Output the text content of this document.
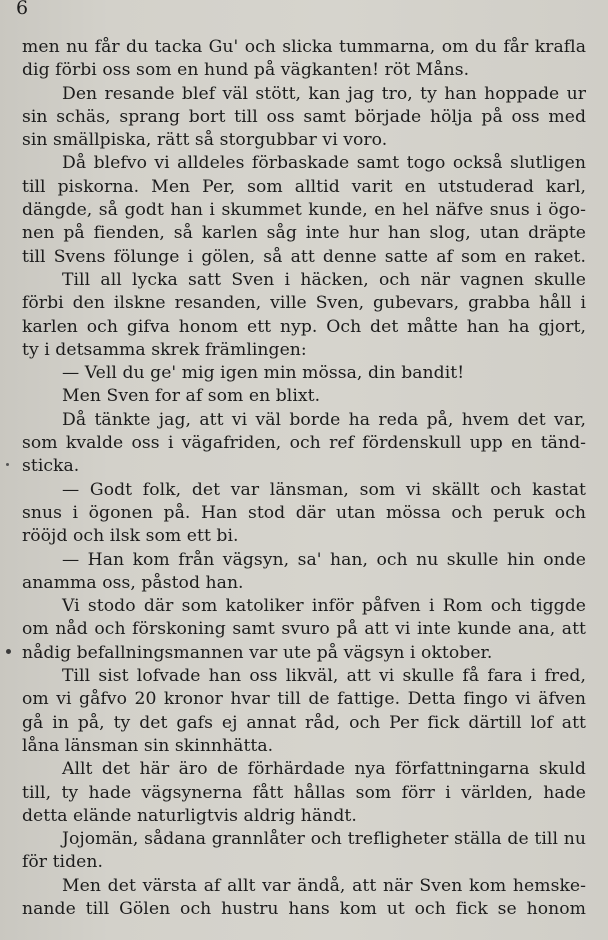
6
men nu får du tacka Gu' och slicka tummarna, om du får krafla
dig förbi oss som en hund på vägkanten! röt Måns.
Den resande blef väl stött, kan jag tro, ty han hoppade ur
sin schäs, sprang bort till oss samt började hölja på oss med
sin smällpiska, rätt så storgubbar vi voro.
Då blefvo vi alldeles förbaskade samt togo också slutligen
till piskorna. Men Per, som alltid varit en utstuderad karl,
dängde, så godt han i skummet kunde, en hel näfve snus i ögo-
nen på fienden, så karlen såg inte hur han slog, utan dräpte
till Svens fölunge i gölen, så att denne satte af som en raket.
Till all lycka satt Sven i häcken, och när vagnen skulle
förbi den ilskne resanden, ville Sven, gubevars, grabba håll i
karlen och gifva honom ett nyp. Och det måtte han ha gjort,
ty i detsamma skrek främlingen:
— Vell du ge' mig igen min mössa, din bandit!
Men Sven for af som en blixt.
Då tänkte jag, att vi väl borde ha reda på, hvem det var,
som kvalde oss i vägafriden, och ref fördenskull upp en tänd-
sticka.
— Godt folk, det var länsman, som vi skällt och kastat
snus i ögonen på. Han stod där utan mössa och peruk och
rööjd och ilsk som ett bi.
— Han kom från vägsyn, sa' han, och nu skulle hin onde
anamma oss, påstod han.
Vi stodo där som katoliker inför påfven i Rom och tiggde
om nåd och förskoning samt svuro på att vi inte kunde ana, att
nådig befallningsmannen var ute på vägsyn i oktober.
Till sist lofvade han oss likväl, att vi skulle få fara i fred,
om vi gåfvo 20 kronor hvar till de fattige. Detta fingo vi äfven
gå in på, ty det gafs ej annat råd, och Per fick därtill lof att
låna länsman sin skinnhätta.
Allt det här äro de förhärdade nya författningarna skuld
till, ty hade vägsynerna fått hållas som förr i världen, hade
detta elände naturligtvis aldrig händt.
Jojomän, sådana grannlåter och trefligheter ställa de till nu
för tiden.
Men det värsta af allt var ändå, att när Sven kom hemske-
nande till Gölen och hustru hans kom ut och fick se honom
